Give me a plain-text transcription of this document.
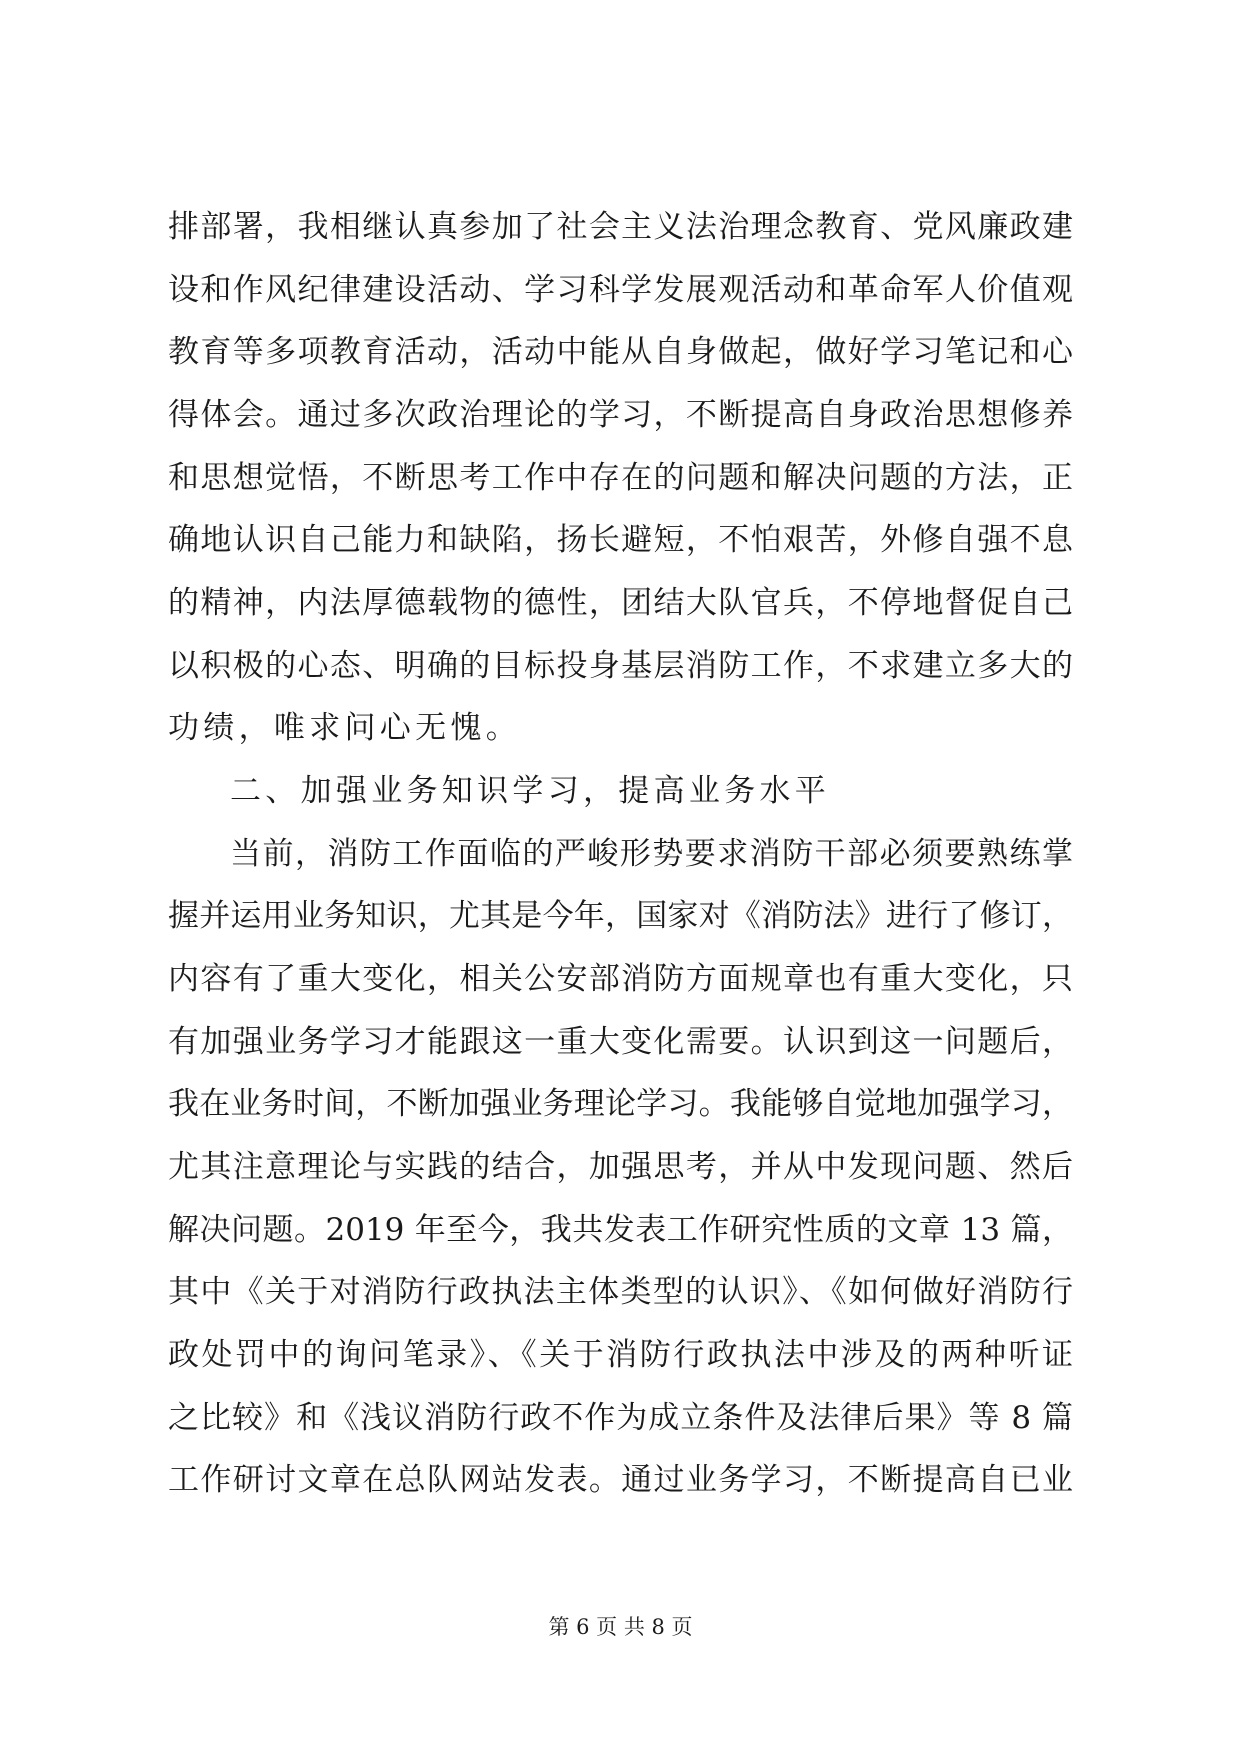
排部署，我相继认真参加了社会主义法治理念教育、党风廉政建
设和作风纪律建设活动、学习科学发展观活动和革命军人价值观
教育等多项教育活动，活动中能从自身做起，做好学习笔记和心
得体会。通过多次政治理论的学习，不断提高自身政治思想修养
和思想觉悟，不断思考工作中存在的问题和解决问题的方法，正
确地认识自己能力和缺陷，扬长避短，不怕艰苦，外修自强不息
的精神，内法厚德载物的德性，团结大队官兵，不停地督促自己
以积极的心态、明确的目标投身基层消防工作，不求建立多大的
功绩，唯求问心无愧。
二、加强业务知识学习，提高业务水平
当前，消防工作面临的严峻形势要求消防干部必须要熟练掌
握并运用业务知识，尤其是今年，国家对《消防法》进行了修订，
内容有了重大变化，相关公安部消防方面规章也有重大变化，只
有加强业务学习才能跟这一重大变化需要。认识到这一问题后，
我在业务时间，不断加强业务理论学习。我能够自觉地加强学习，
尤其注意理论与实践的结合，加强思考，并从中发现问题、然后
解决问题。2019 年至今，我共发表工作研究性质的文章 13 篇，
其中《关于对消防行政执法主体类型的认识》、《如何做好消防行
政处罚中的询问笔录》、《关于消防行政执法中涉及的两种听证
之比较》和《浅议消防行政不作为成立条件及法律后果》等 8 篇
工作研讨文章在总队网站发表。通过业务学习，不断提高自已业
第 6 页 共 8 页
